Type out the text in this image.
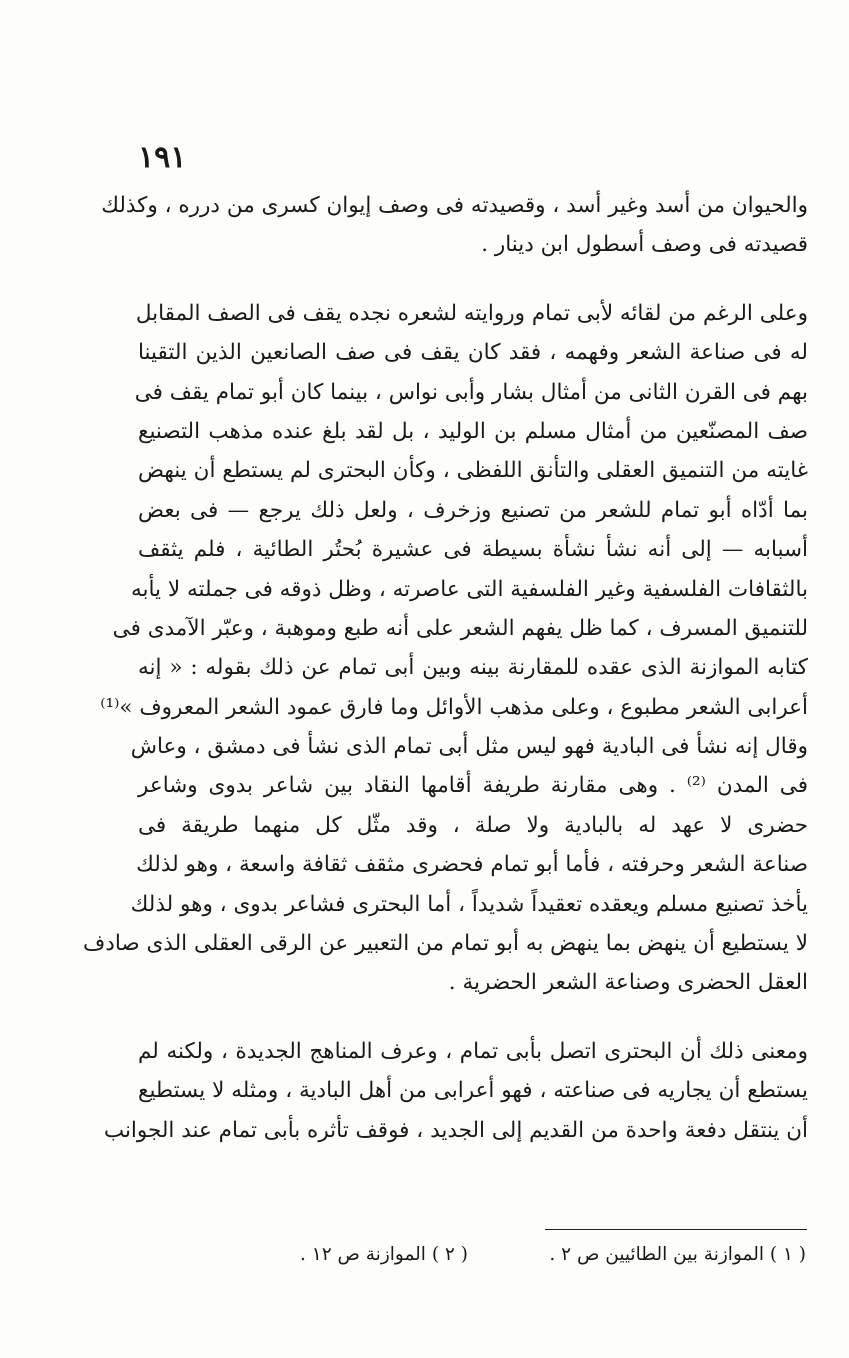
١٩١
والحيوان من أسد وغير أسد ، وقصيدته فى وصف إيوان كسرى من درره ، وكذلك
قصيدته فى وصف أسطول ابن دينار .
وعلى الرغم من لقائه لأبى تمام وروايته لشعره نجده يقف فى الصف المقابل
له فى صناعة الشعر وفهمه ، فقد كان يقف فى صف الصانعين الذين التقينا
بهم فى القرن الثانى من أمثال بشار وأبى نواس ، بينما كان أبو تمام يقف فى
صف المصنّعين من أمثال مسلم بن الوليد ، بل لقد بلغ عنده مذهب التصنيع
غايته من التنميق العقلى والتأنق اللفظى ، وكأن البحترى لم يستطع أن ينهض
بما أدّاه أبو تمام للشعر من تصنيع وزخرف ، ولعل ذلك يرجع — فى بعض
أسبابه — إلى أنه نشأ نشأة بسيطة فى عشيرة بُحتُر الطائية ، فلم يثقف
بالثقافات الفلسفية وغير الفلسفية التى عاصرته ، وظل ذوقه فى جملته لا يأبه
للتنميق المسرف ، كما ظل يفهم الشعر على أنه طبع وموهبة ، وعبّر الآمدى فى
كتابه الموازنة الذى عقده للمقارنة بينه وبين أبى تمام عن ذلك بقوله : « إنه
أعرابى الشعر مطبوع ، وعلى مذهب الأوائل وما فارق عمود الشعر المعروف »⁽¹⁾
وقال إنه نشأ فى البادية فهو ليس مثل أبى تمام الذى نشأ فى دمشق ، وعاش
فى المدن ⁽²⁾ . وهى مقارنة طريفة أقامها النقاد بين شاعر بدوى وشاعر
حضرى لا عهد له بالبادية ولا صلة ، وقد مثّل كل منهما طريقة فى
صناعة الشعر وحرفته ، فأما أبو تمام فحضرى مثقف ثقافة واسعة ، وهو لذلك
يأخذ تصنيع مسلم ويعقده تعقيداً شديداً ، أما البحترى فشاعر بدوى ، وهو لذلك
لا يستطيع أن ينهض بما ينهض به أبو تمام من التعبير عن الرقى العقلى الذى صادف
العقل الحضرى وصناعة الشعر الحضرية .
ومعنى ذلك أن البحترى اتصل بأبى تمام ، وعرف المناهج الجديدة ، ولكنه لم
يستطع أن يجاريه فى صناعته ، فهو أعرابى من أهل البادية ، ومثله لا يستطيع
أن ينتقل دفعة واحدة من القديم إلى الجديد ، فوقف تأثره بأبى تمام عند الجوانب
( ١ ) الموازنة بين الطائيين ص ٢ .
( ٢ ) الموازنة ص ١٢ .
